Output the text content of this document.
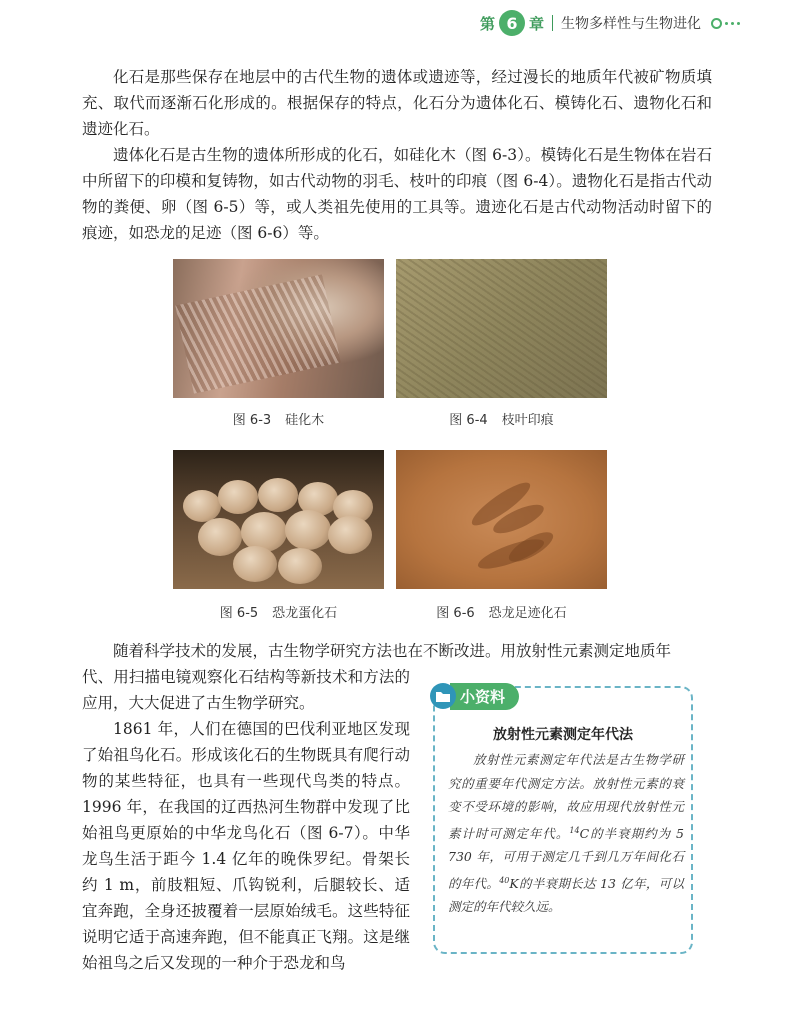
第 6 章 生物多样性与生物进化

化石是那些保存在地层中的古代生物的遗体或遗迹等，经过漫长的地质年代被矿物质填充、取代而逐渐石化形成的。根据保存的特点，化石分为遗体化石、模铸化石、遗物化石和遗迹化石。

遗体化石是古生物的遗体所形成的化石，如硅化木（图 6-3）。模铸化石是生物体在岩石中所留下的印模和复铸物，如古代动物的羽毛、枝叶的印痕（图 6-4）。遗物化石是指古代动物的粪便、卵（图 6-5）等，或人类祖先使用的工具等。遗迹化石是古代动物活动时留下的痕迹，如恐龙的足迹（图 6-6）等。

图 6-3 硅化木	图 6-4 枝叶印痕
图 6-5 恐龙蛋化石	图 6-6 恐龙足迹化石

随着科学技术的发展，古生物学研究方法也在不断改进。用放射性元素测定地质年

代、用扫描电镜观察化石结构等新技术和方法的应用，大大促进了古生物学研究。

1861 年，人们在德国的巴伐利亚地区发现了始祖鸟化石。形成该化石的生物既具有爬行动物的某些特征，也具有一些现代鸟类的特点。1996 年，在我国的辽西热河生物群中发现了比始祖鸟更原始的中华龙鸟化石（图 6-7）。中华龙鸟生活于距今 1.4 亿年的晚侏罗纪。骨架长约 1 m，前肢粗短、爪钩锐利，后腿较长、适宜奔跑，全身还披覆着一层原始绒毛。这些特征说明它适于高速奔跑，但不能真正飞翔。这是继始祖鸟之后又发现的一种介于恐龙和鸟

小资料
放射性元素测定年代法

放射性元素测定年代法是古生物学研究的重要年代测定方法。放射性元素的衰变不受环境的影响，故应用现代放射性元素计时可测定年代。$^{14}$C的半衰期约为 5 730 年，可用于测定几千到几万年间化石的年代。$^{40}$K的半衰期长达 13 亿年，可以测定的年代较久远。
